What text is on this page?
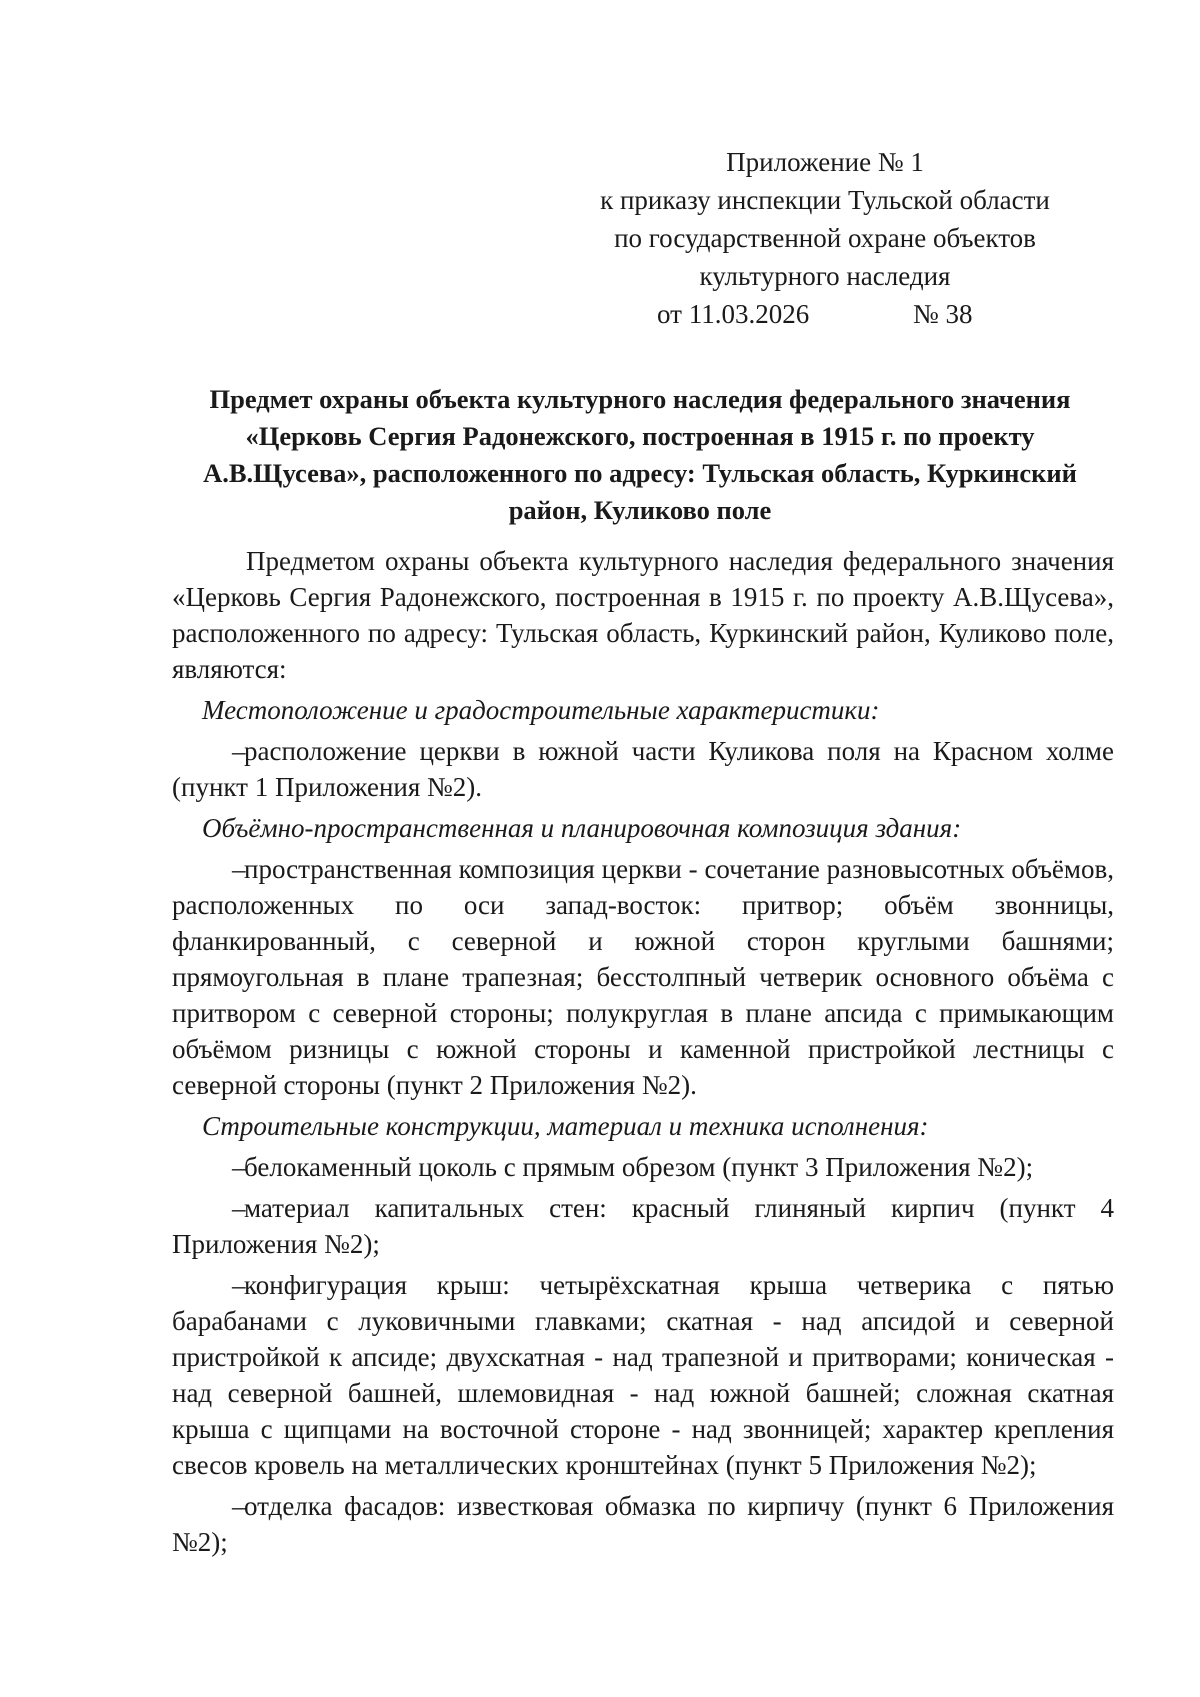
Приложение № 1
к приказу инспекции Тульской области
по государственной охране объектов
культурного наследия
от 11.03.2026	№ 38
Предмет охраны объекта культурного наследия федерального значения
«Церковь Сергия Радонежского, построенная в 1915 г. по проекту
А.В.Щусева», расположенного по адресу: Тульская область, Куркинский
район, Куликово поле

Предметом охраны объекта культурного наследия федерального значения «Церковь Сергия Радонежского, построенная в 1915 г. по проекту А.В.Щусева», расположенного по адресу: Тульская область, Куркинский район, Куликово поле, являются:

Местоположение и градостроительные характеристики:

–расположение церкви в южной части Куликова поля на Красном холме (пункт 1 Приложения №2).

Объёмно-пространственная и планировочная композиция здания:

–пространственная композиция церкви - сочетание разновысотных объёмов, расположенных по оси запад-восток: притвор; объём звонницы, фланкированный, с северной и южной сторон круглыми башнями; прямоугольная в плане трапезная; бесстолпный четверик основного объёма с притвором с северной стороны; полукруглая в плане апсида с примыкающим объёмом ризницы с южной стороны и каменной пристройкой лестницы с северной стороны (пункт 2 Приложения №2).

Строительные конструкции, материал и техника исполнения:

–белокаменный цоколь с прямым обрезом (пункт 3 Приложения №2);

–материал капитальных стен: красный глиняный кирпич (пункт 4 Приложения №2);

–конфигурация крыш: четырёхскатная крыша четверика с пятью барабанами с луковичными главками; скатная - над апсидой и северной пристройкой к апсиде; двухскатная - над трапезной и притворами; коническая - над северной башней, шлемовидная - над южной башней; сложная скатная крыша с щипцами на восточной стороне - над звонницей; характер крепления свесов кровель на металлических кронштейнах (пункт 5 Приложения №2);

–отделка фасадов: известковая обмазка по кирпичу (пункт 6 Приложения №2);
